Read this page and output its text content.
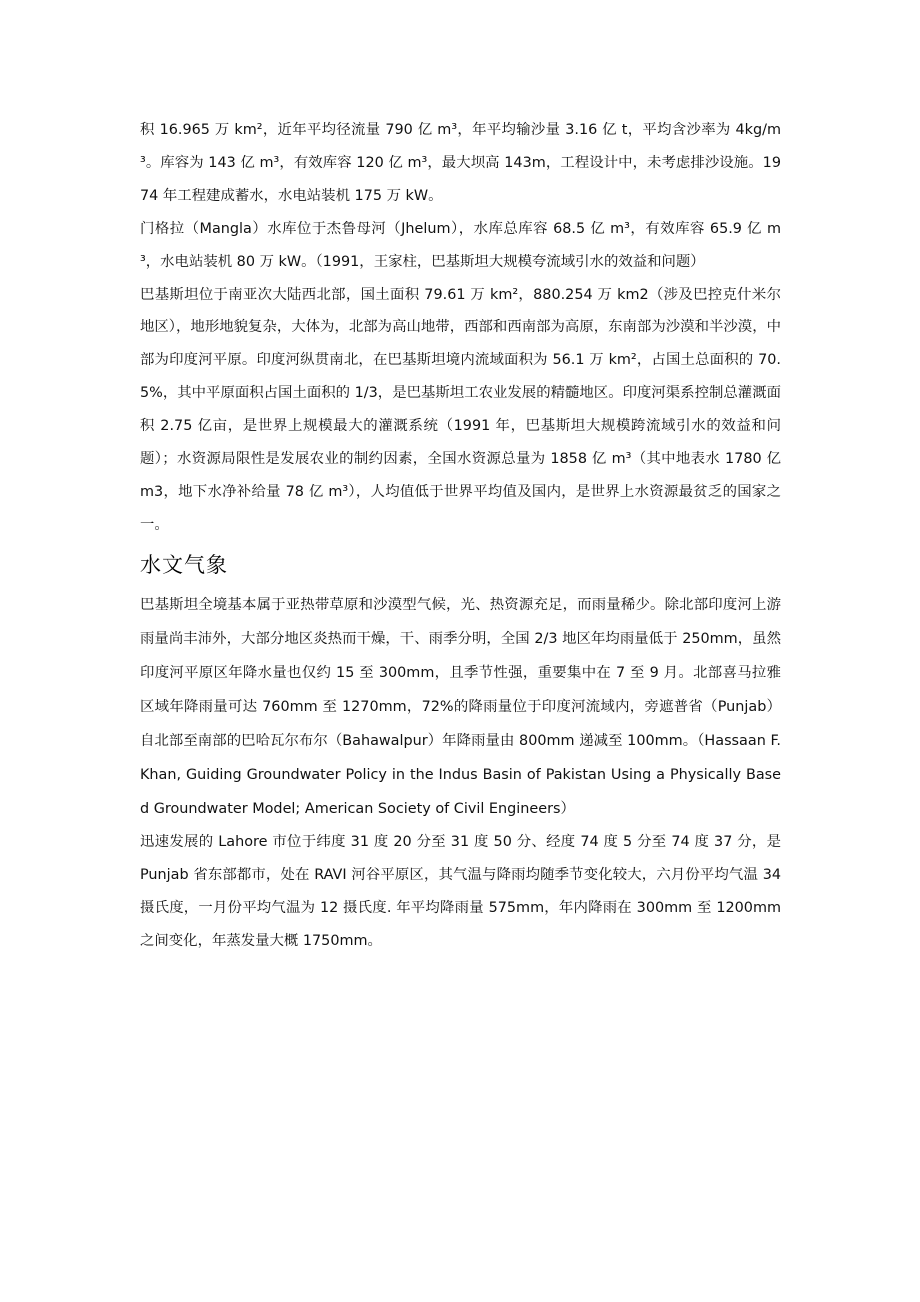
积 16.965 万 km²，近年平均径流量 790 亿 m³，年平均输沙量 3.16 亿 t，平均含沙率为 4kg/m³。库容为 143 亿 m³，有效库容 120 亿 m³，最大坝高 143m，工程设计中，未考虑排沙设施。1974 年工程建成蓄水，水电站装机 175 万 kW。

门格拉（Mangla）水库位于杰鲁母河（Jhelum），水库总库容 68.5 亿 m³，有效库容 65.9 亿 m³，水电站装机 80 万 kW。（1991，王家柱，巴基斯坦大规模夸流域引水的效益和问题）

巴基斯坦位于南亚次大陆西北部，国土面积 79.61 万 km²，880.254 万 km2（涉及巴控克什米尔地区），地形地貌复杂，大体为，北部为高山地带，西部和西南部为高原，东南部为沙漠和半沙漠，中部为印度河平原。印度河纵贯南北，在巴基斯坦境内流域面积为 56.1 万 km²，占国土总面积的 70.5%，其中平原面积占国土面积的 1/3，是巴基斯坦工农业发展的精髓地区。印度河渠系控制总灌溉面积 2.75 亿亩，是世界上规模最大的灌溉系统（1991 年，巴基斯坦大规模跨流域引水的效益和问题）；水资源局限性是发展农业的制约因素，全国水资源总量为 1858 亿 m³（其中地表水 1780 亿 m3，地下水净补给量 78 亿 m³），人均值低于世界平均值及国内，是世界上水资源最贫乏的国家之一。

水文气象

巴基斯坦全境基本属于亚热带草原和沙漠型气候，光、热资源充足，而雨量稀少。除北部印度河上游雨量尚丰沛外，大部分地区炎热而干燥，干、雨季分明，全国 2/3 地区年均雨量低于 250mm，虽然印度河平原区年降水量也仅约 15 至 300mm，且季节性强，重要集中在 7 至 9 月。北部喜马拉雅区域年降雨量可达 760mm 至 1270mm，72%的降雨量位于印度河流域内，旁遮普省（Punjab）自北部至南部的巴哈瓦尔布尔（Bahawalpur）年降雨量由 800mm 递减至 100mm。（Hassaan F. Khan, Guiding Groundwater Policy in the Indus Basin of Pakistan Using a Physically Based Groundwater Model; American Society of Civil Engineers）

迅速发展的 Lahore 市位于纬度 31 度 20 分至 31 度 50 分、经度 74 度 5 分至 74 度 37 分，是 Punjab 省东部都市，处在 RAVI 河谷平原区，其气温与降雨均随季节变化较大，六月份平均气温 34 摄氏度，一月份平均气温为 12 摄氏度. 年平均降雨量 575mm，年内降雨在 300mm 至 1200mm 之间变化，年蒸发量大概 1750mm。
